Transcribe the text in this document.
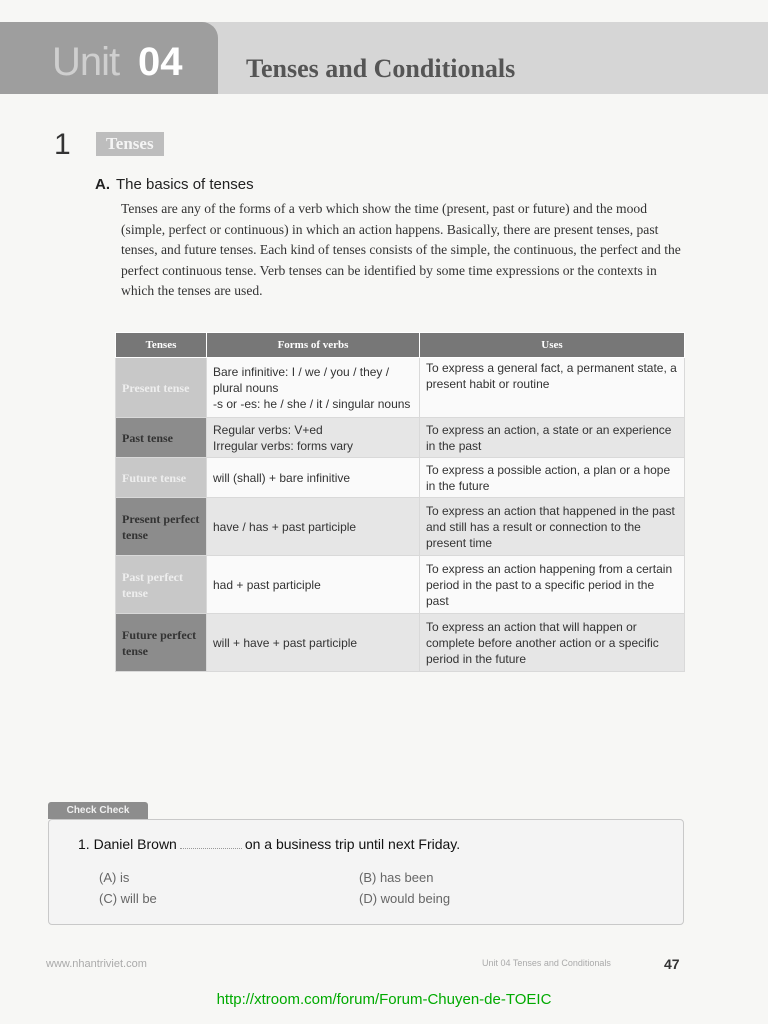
Unit 04 Tenses and Conditionals
1	Tenses
A. The basics of tenses
Tenses are any of the forms of a verb which show the time (present, past or future) and the mood (simple, perfect or continuous) in which an action happens. Basically, there are present tenses, past tenses, and future tenses. Each kind of tenses consists of the simple, the continuous, the perfect and the perfect continuous tense. Verb tenses can be identified by some time expressions or the contexts in which the tenses are used.
Tenses	Forms of verbs	Uses
Present tense	Bare infinitive: I / we / you / they / plural nouns
-s or -es: he / she / it / singular nouns	To express a general fact, a permanent state, a present habit or routine
Past tense	Regular verbs: V+ed
Irregular verbs: forms vary	To express an action, a state or an experience in the past
Future tense	will (shall) + bare infinitive	To express a possible action, a plan or a hope in the future
Present perfect tense	have / has + past participle	To express an action that happened in the past and still has a result or connection to the present time
Past perfect tense	had + past participle	To express an action happening from a certain period in the past to a specific period in the past
Future perfect tense	will + have + past participle	To express an action that will happen or complete before another action or a specific period in the future
Check Check
1. Daniel Brown	on a business trip until next Friday.
(A) is	(B) has been
(C) will be	(D) would being
www.nhantriviet.com	Unit 04 Tenses and Conditionals	47
http://xtroom.com/forum/Forum-Chuyen-de-TOEIC
